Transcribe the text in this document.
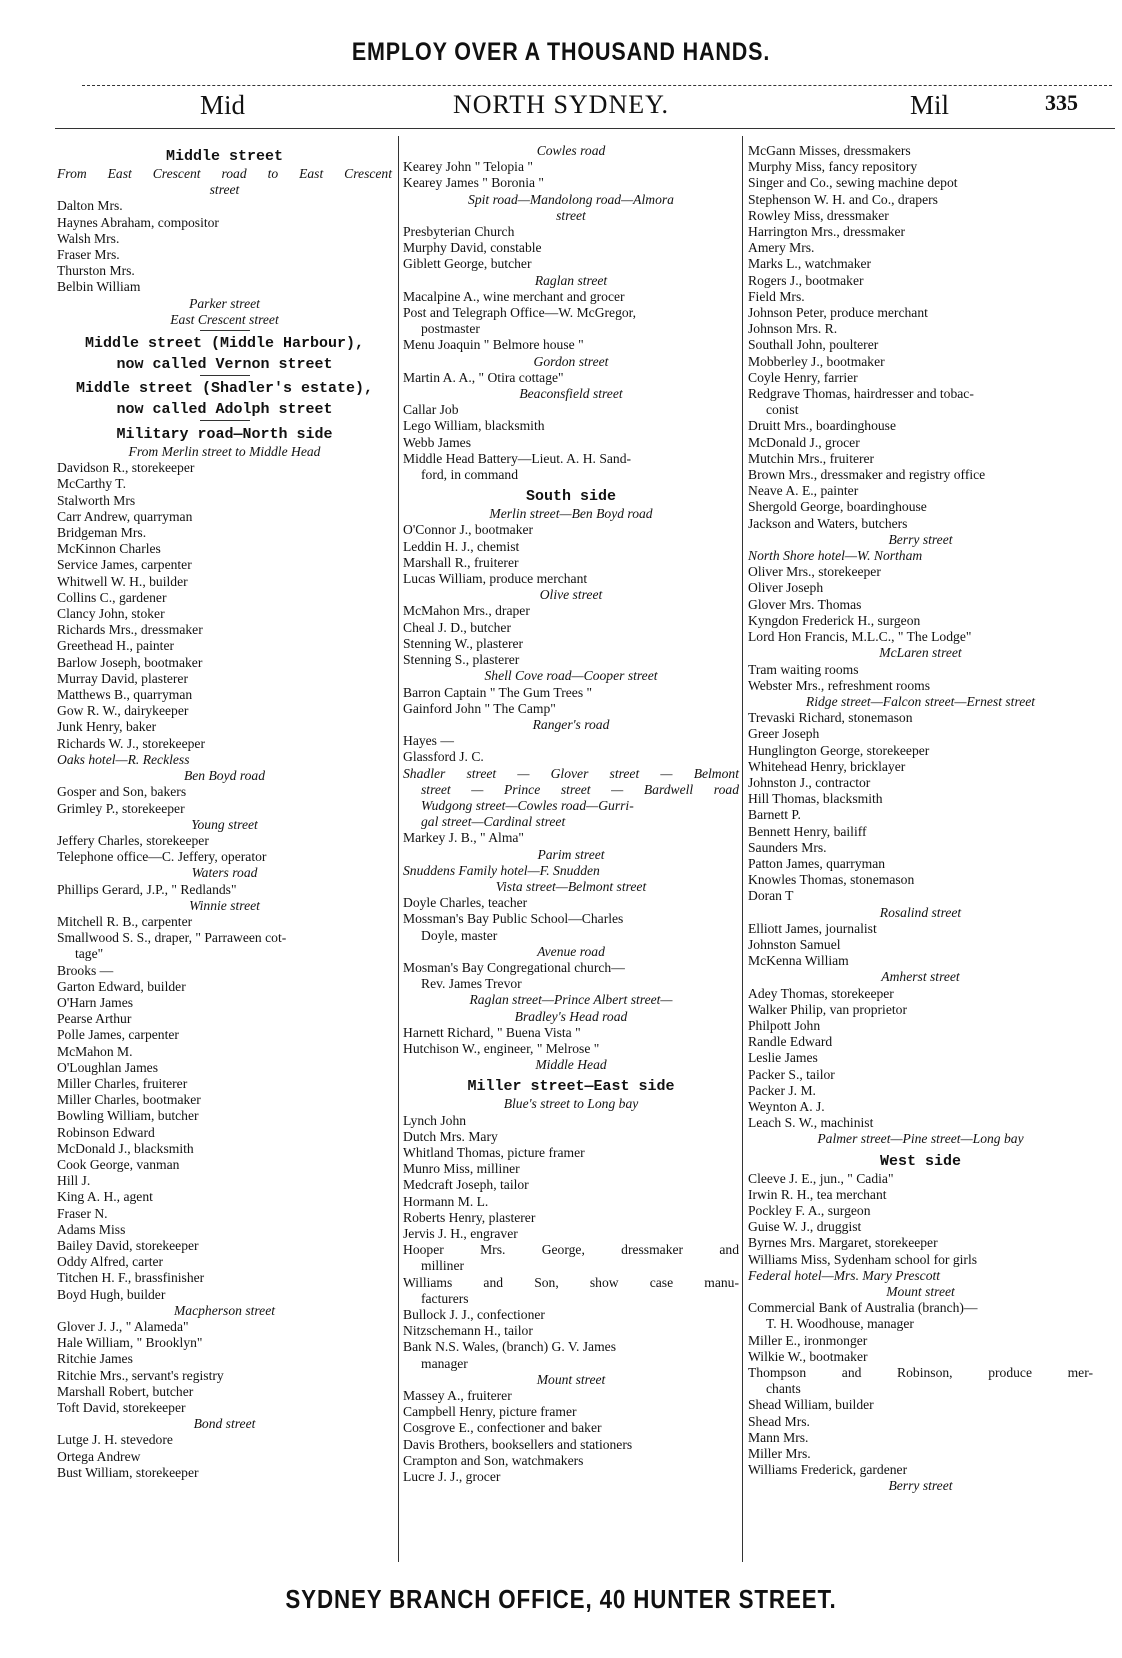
EMPLOY OVER A THOUSAND HANDS.
Mid	NORTH SYDNEY.	Mil	335
Middle street
From East Crescent road to East Crescent
street
Dalton Mrs.
Haynes Abraham, compositor
Walsh Mrs.
Fraser Mrs.
Thurston Mrs.
Belbin William
Parker street
East Crescent street
Middle street (Middle Harbour),
now called Vernon street
Middle street (Shadler's estate),
now called Adolph street
Military road—North side
From Merlin street to Middle Head
Davidson R., storekeeper
McCarthy T.
Stalworth Mrs
Carr Andrew, quarryman
Bridgeman Mrs.
McKinnon Charles
Service James, carpenter
Whitwell W. H., builder
Collins C., gardener
Clancy John, stoker
Richards Mrs., dressmaker
Greethead H., painter
Barlow Joseph, bootmaker
Murray David, plasterer
Matthews B., quarryman
Gow R. W., dairykeeper
Junk Henry, baker
Richards W. J., storekeeper
Oaks hotel—R. Reckless
Ben Boyd road
Gosper and Son, bakers
Grimley P., storekeeper
Young street
Jeffery Charles, storekeeper
Telephone office—C. Jeffery, operator
Waters road
Phillips Gerard, J.P., " Redlands"
Winnie street
Mitchell R. B., carpenter
Smallwood S. S., draper, " Parraween cot-
tage"
Brooks —
Garton Edward, builder
O'Harn James
Pearse Arthur
Polle James, carpenter
McMahon M.
O'Loughlan James
Miller Charles, fruiterer
Miller Charles, bootmaker
Bowling William, butcher
Robinson Edward
McDonald J., blacksmith
Cook George, vanman
Hill J.
King A. H., agent
Fraser N.
Adams Miss
Bailey David, storekeeper
Oddy Alfred, carter
Titchen H. F., brassfinisher
Boyd Hugh, builder
Macpherson street
Glover J. J., " Alameda"
Hale William, " Brooklyn"
Ritchie James
Ritchie Mrs., servant's registry
Marshall Robert, butcher
Toft David, storekeeper
Bond street
Lutge J. H. stevedore
Ortega Andrew
Bust William, storekeeper
Cowles road
Kearey John " Telopia "
Kearey James " Boronia "
Spit road—Mandolong road—Almora
street
Presbyterian Church
Murphy David, constable
Giblett George, butcher
Raglan street
Macalpine A., wine merchant and grocer
Post and Telegraph Office—W. McGregor,
postmaster
Menu Joaquin " Belmore house "
Gordon street
Martin A. A., " Otira cottage"
Beaconsfield street
Callar Job
Lego William, blacksmith
Webb James
Middle Head Battery—Lieut. A. H. Sand-
ford, in command
South side
Merlin street—Ben Boyd road
O'Connor J., bootmaker
Leddin H. J., chemist
Marshall R., fruiterer
Lucas William, produce merchant
Olive street
McMahon Mrs., draper
Cheal J. D., butcher
Stenning W., plasterer
Stenning S., plasterer
Shell Cove road—Cooper street
Barron Captain " The Gum Trees "
Gainford John " The Camp"
Ranger's road
Hayes —
Glassford J. C.
Shadler street — Glover street — Belmont
street — Prince street — Bardwell road
Wudgong street—Cowles road—Gurri-
gal street—Cardinal street
Markey J. B., " Alma"
Parim street
Snuddens Family hotel—F. Snudden
Vista street—Belmont street
Doyle Charles, teacher
Mossman's Bay Public School—Charles
Doyle, master
Avenue road
Mosman's Bay Congregational church—
Rev. James Trevor
Raglan street—Prince Albert street—
Bradley's Head road
Harnett Richard, " Buena Vista "
Hutchison W., engineer, " Melrose "
Middle Head
Miller street—East side
Blue's street to Long bay
Lynch John
Dutch Mrs. Mary
Whitland Thomas, picture framer
Munro Miss, milliner
Medcraft Joseph, tailor
Hormann M. L.
Roberts Henry, plasterer
Jervis J. H., engraver
Hooper Mrs. George, dressmaker and
milliner
Williams and Son, show case manu-
facturers
Bullock J. J., confectioner
Nitzschemann H., tailor
Bank N.S. Wales, (branch) G. V. James
manager
Mount street
Massey A., fruiterer
Campbell Henry, picture framer
Cosgrove E., confectioner and baker
Davis Brothers, booksellers and stationers
Crampton and Son, watchmakers
Lucre J. J., grocer
McGann Misses, dressmakers
Murphy Miss, fancy repository
Singer and Co., sewing machine depot
Stephenson W. H. and Co., drapers
Rowley Miss, dressmaker
Harrington Mrs., dressmaker
Amery Mrs.
Marks L., watchmaker
Rogers J., bootmaker
Field Mrs.
Johnson Peter, produce merchant
Johnson Mrs. R.
Southall John, poulterer
Mobberley J., bootmaker
Coyle Henry, farrier
Redgrave Thomas, hairdresser and tobac-
conist
Druitt Mrs., boardinghouse
McDonald J., grocer
Mutchin Mrs., fruiterer
Brown Mrs., dressmaker and registry office
Neave A. E., painter
Shergold George, boardinghouse
Jackson and Waters, butchers
Berry street
North Shore hotel—W. Northam
Oliver Mrs., storekeeper
Oliver Joseph
Glover Mrs. Thomas
Kyngdon Frederick H., surgeon
Lord Hon Francis, M.L.C., " The Lodge"
McLaren street
Tram waiting rooms
Webster Mrs., refreshment rooms
Ridge street—Falcon street—Ernest street
Trevaski Richard, stonemason
Greer Joseph
Hunglington George, storekeeper
Whitehead Henry, bricklayer
Johnston J., contractor
Hill Thomas, blacksmith
Barnett P.
Bennett Henry, bailiff
Saunders Mrs.
Patton James, quarryman
Knowles Thomas, stonemason
Doran T
Rosalind street
Elliott James, journalist
Johnston Samuel
McKenna William
Amherst street
Adey Thomas, storekeeper
Walker Philip, van proprietor
Philpott John
Randle Edward
Leslie James
Packer S., tailor
Packer J. M.
Weynton A. J.
Leach S. W., machinist
Palmer street—Pine street—Long bay
West side
Cleeve J. E., jun., " Cadia"
Irwin R. H., tea merchant
Pockley F. A., surgeon
Guise W. J., druggist
Byrnes Mrs. Margaret, storekeeper
Williams Miss, Sydenham school for girls
Federal hotel—Mrs. Mary Prescott
Mount street
Commercial Bank of Australia (branch)—
T. H. Woodhouse, manager
Miller E., ironmonger
Wilkie W., bootmaker
Thompson and Robinson, produce mer-
chants
Shead William, builder
Shead Mrs.
Mann Mrs.
Miller Mrs.
Williams Frederick, gardener
Berry street
SYDNEY BRANCH OFFICE, 40 HUNTER STREET.
